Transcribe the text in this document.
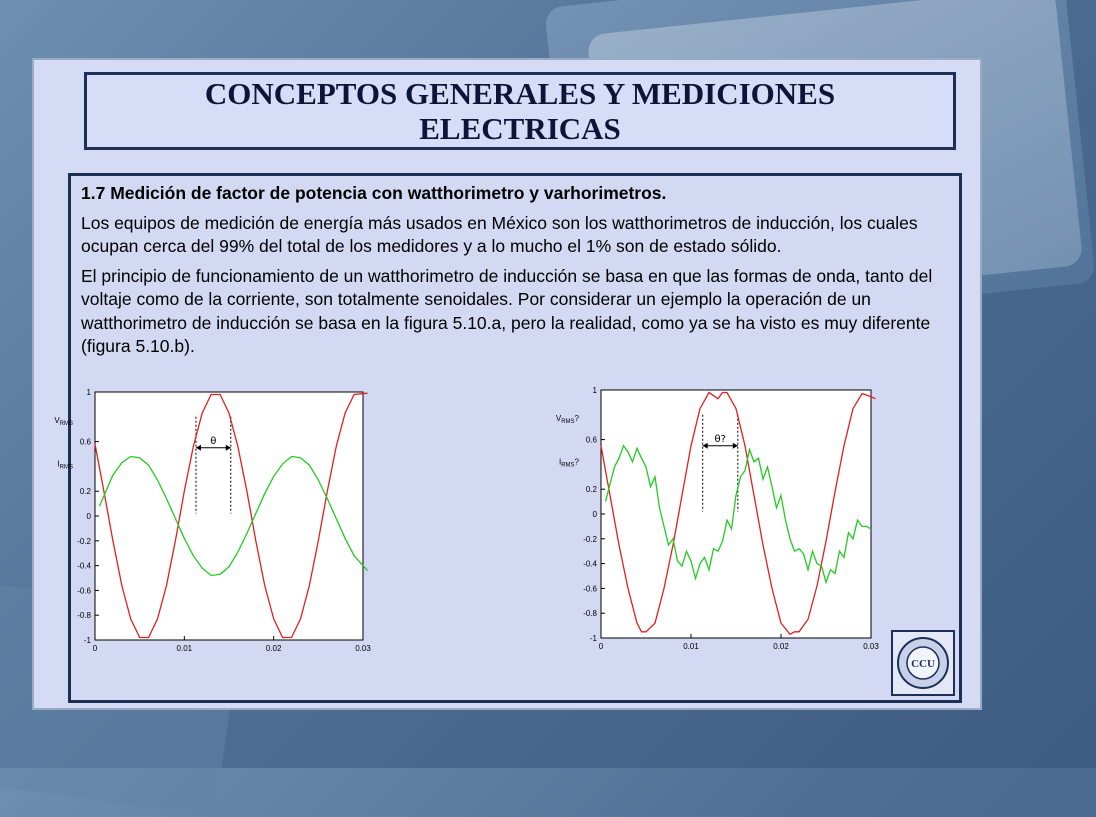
CONCEPTOS GENERALES Y MEDICIONES ELECTRICAS

1.7 Medición de factor de potencia con watthorimetro y varhorimetros.

Los equipos de medición de energía más usados en México son los watthorimetros de inducción, los cuales ocupan cerca del 99% del total de los medidores y a lo mucho el 1% son de estado sólido.

El principio de funcionamiento de un watthorimetro de inducción se basa en que las formas de onda, tanto del voltaje como de la corriente, son totalmente senoidales. Por considerar un ejemplo la operación de un watthorimetro de inducción se basa en la figura 5.10.a, pero la realidad, como ya se ha visto es muy diferente (figura 5.10.b).

1
0.6
0.2
0
-0.2
-0.4
-0.6
-0.8
-1
0	0.01	0.02	0.03
$V_{RMS}$
$I_{RMS}$
θ
1
0.6
0.2
0
-0.2
-0.4
-0.6
-0.8
-1
0	0.01	0.02	0.03
$V_{RMS}$?
$I_{RMS}$?
θ?
CCU
